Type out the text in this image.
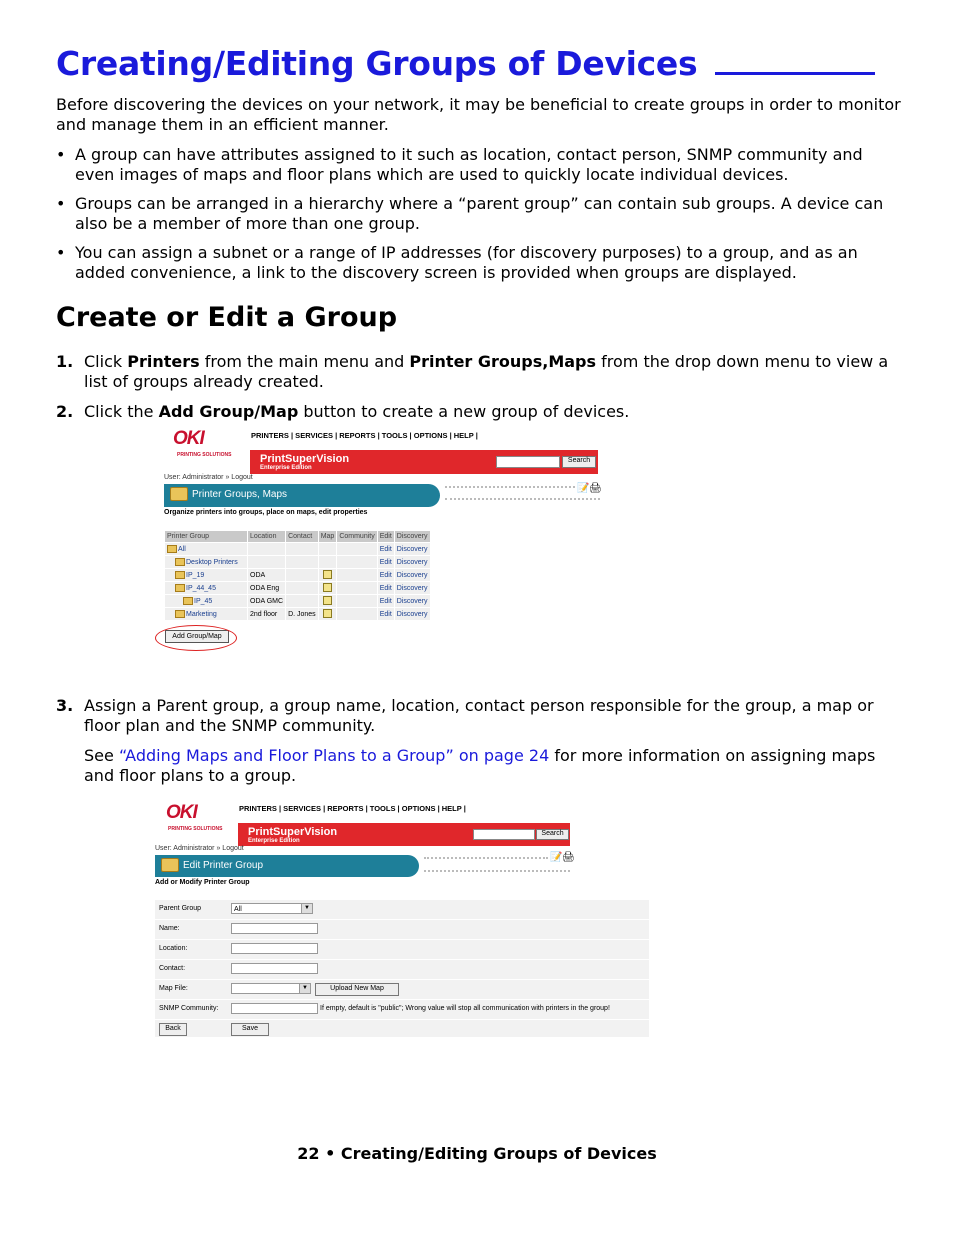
Creating/Editing Groups of Devices

Before discovering the devices on your network, it may be beneficial to create groups in order to monitor and manage them in an efficient manner.

• A group can have attributes assigned to it such as location, contact person, SNMP community and even images of maps and floor plans which are used to quickly locate individual devices.
• Groups can be arranged in a hierarchy where a “parent group” can contain sub groups. A device can also be a member of more than one group.
• You can assign a subnet or a range of IP addresses (for discovery purposes) to a group, and as an added convenience, a link to the discovery screen is provided when groups are displayed.
Create or Edit a Group

1. Click Printers from the main menu and Printer Groups,Maps from the drop down menu to view a list of groups already created.

2. Click the Add Group/Map button to create a new group of devices.

OKI
PRINTING SOLUTIONS
PRINTERS | SERVICES | REPORTS | TOOLS | OPTIONS | HELP |
PrintSuperVision
Enterprise Edition
Search
User: Administrator » Logout
Printer Groups, Maps
📝 🖨
Organize printers into groups, place on maps, edit properties
Printer Group	Location	Contact	Map	Community	Edit	Discovery
All					Edit	Discovery
Desktop Printers					Edit	Discovery
IP_19	ODA				Edit	Discovery
IP_44_45	ODA Eng				Edit	Discovery
IP_45	ODA GMC				Edit	Discovery
Marketing	2nd floor	D. Jones			Edit	Discovery
Add Group/Map

3. Assign a Parent group, a group name, location, contact person responsible for the group, a map or floor plan and the SNMP community.

See “Adding Maps and Floor Plans to a Group” on page 24 for more information on assigning maps and floor plans to a group.

OKI
PRINTING SOLUTIONS
PRINTERS | SERVICES | REPORTS | TOOLS | OPTIONS | HELP |
PrintSuperVision
Enterprise Edition
Search
User: Administrator » Logout
Edit Printer Group
📝 🖨
Add or Modify Printer Group
Parent Group	All	▼
Name:
Location:
Contact:
Map File:	▼	Upload New Map
SNMP Community:	If empty, default is "public"; Wrong value will stop all communication with printers in the group!
Back	Save
22 • Creating/Editing Groups of Devices
